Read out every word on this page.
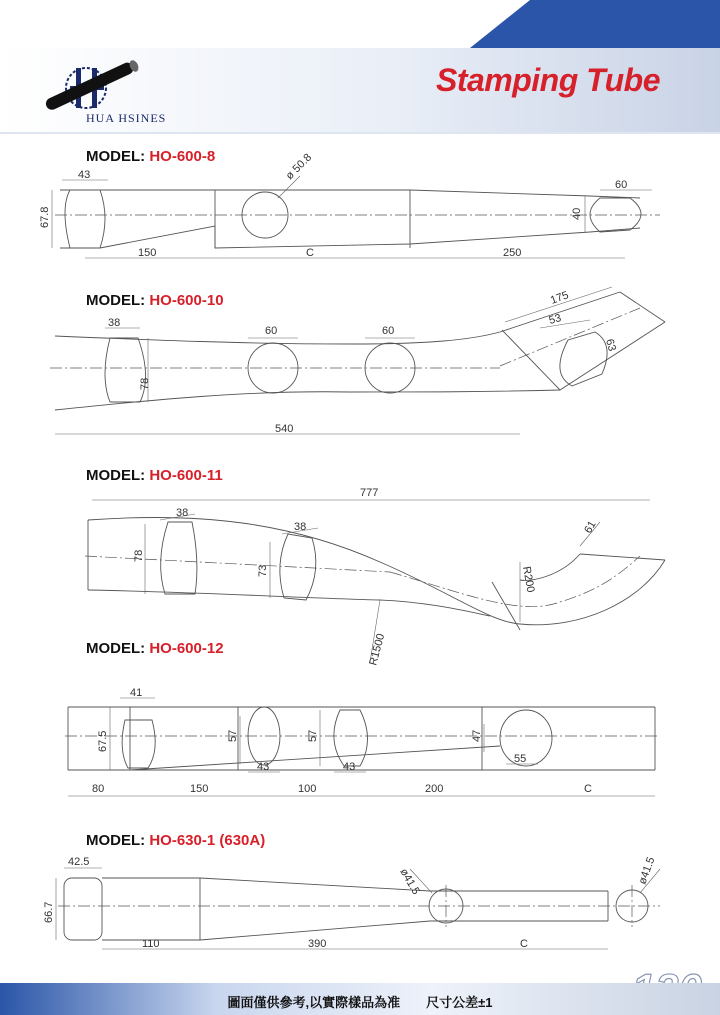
HUA HSINES
Stamping Tube
MODEL: HO-600-8
43	ø 50.8
60
67.8	40
150	C	250
MODEL: HO-600-10
38
60	60
175
53
63
78
540
MODEL: HO-600-11
777
38
38	61
78
73	R200
R1500
MODEL: HO-600-12
41
67.5	57	57	47
43	43
55
80	150	100	200	C
MODEL: HO-630-1 (630A)
42.5
ø41.5	ø41.5
66.7
110	390	C
圖面僅供參考,以實際樣品為准　　尺寸公差±1
